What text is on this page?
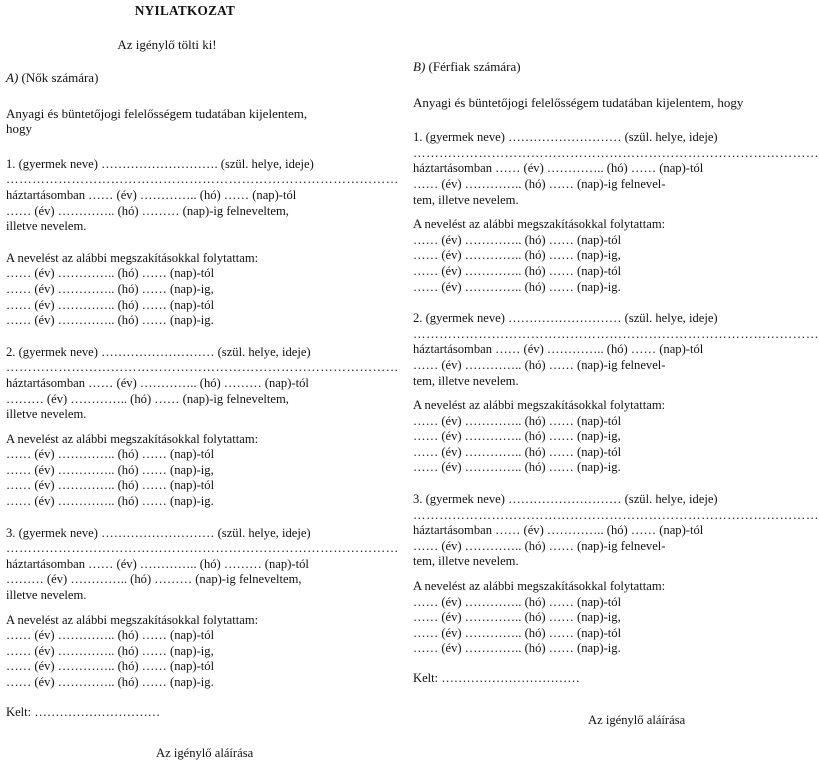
NYILATKOZAT
Az igénylő tölti ki!
A) (Nők számára)
Anyagi és büntetőjogi felelősségem tudatában kijelentem, hogy
1. (gyermek neve) ………………………. (szül. helye, ideje)
………………………………………………………………………………
háztartásomban …… (év) ………….. (hó) …… (nap)-tól
…… (év) ………….. (hó) ……… (nap)-ig felneveltem,
illetve nevelem.
A nevelést az alábbi megszakításokkal folytattam:
…… (év) ………….. (hó) …… (nap)-tól
…… (év) ………….. (hó) …… (nap)-ig,
…… (év) ………….. (hó) …… (nap)-tól
…… (év) ………….. (hó) …… (nap)-ig.
2. (gyermek neve) ……………………… (szül. helye, ideje)
………………………………………………………………………………
háztartásomban …… (év) ………….. (hó) ……… (nap)-tól
……… (év) ………….. (hó) …… (nap)-ig felneveltem,
illetve nevelem.
A nevelést az alábbi megszakításokkal folytattam:
…… (év) ………….. (hó) …… (nap)-tól
…… (év) ………….. (hó) …… (nap)-ig,
…… (év) ………….. (hó) …… (nap)-tól
…… (év) ………….. (hó) …… (nap)-ig.
3. (gyermek neve) ……………………… (szül. helye, ideje)
………………………………………………………………………………
háztartásomban …… (év) ………….. (hó) ……… (nap)-tól
……… (év) ………….. (hó) ……… (nap)-ig felneveltem,
illetve nevelem.
A nevelést az alábbi megszakításokkal folytattam:
…… (év) ………….. (hó) …… (nap)-tól
…… (év) ………….. (hó) …… (nap)-ig,
…… (év) ………….. (hó) …… (nap)-tól
…… (év) ………….. (hó) …… (nap)-ig.
Kelt: …………………………
Az igénylő aláírása
B) (Férfiak számára)
Anyagi és büntetőjogi felelősségem tudatában kijelentem, hogy
1. (gyermek neve) ……………………… (szül. helye, ideje)
…………………………………………………………………………………
háztartásomban …… (év) ………….. (hó) …… (nap)-tól
…… (év) ………….. (hó) …… (nap)-ig felnevel-
tem, illetve nevelem.
A nevelést az alábbi megszakításokkal folytattam:
…… (év) ………….. (hó) …… (nap)-tól
…… (év) ………….. (hó) …… (nap)-ig,
…… (év) ………….. (hó) …… (nap)-tól
…… (év) ………….. (hó) …… (nap)-ig.
2. (gyermek neve) ……………………… (szül. helye, ideje)
…………………………………………………………………………………
háztartásomban …… (év) ………….. (hó) …… (nap)-tól
…… (év) ………….. (hó) …… (nap)-ig felnevel-
tem, illetve nevelem.
A nevelést az alábbi megszakításokkal folytattam:
…… (év) ………….. (hó) …… (nap)-tól
…… (év) ………….. (hó) …… (nap)-ig,
…… (év) ………….. (hó) …… (nap)-tól
…… (év) ………….. (hó) …… (nap)-ig.
3. (gyermek neve) ……………………… (szül. helye, ideje)
…………………………………………………………………………………
háztartásomban …… (év) ………….. (hó) …… (nap)-tól
…… (év) ………….. (hó) …… (nap)-ig felnevel-
tem, illetve nevelem.
A nevelést az alábbi megszakításokkal folytattam:
…… (év) ………….. (hó) …… (nap)-tól
…… (év) ………….. (hó) …… (nap)-ig,
…… (év) ………….. (hó) …… (nap)-tól
…… (év) ………….. (hó) …… (nap)-ig.
Kelt: ……………………………
Az igénylő aláírása
